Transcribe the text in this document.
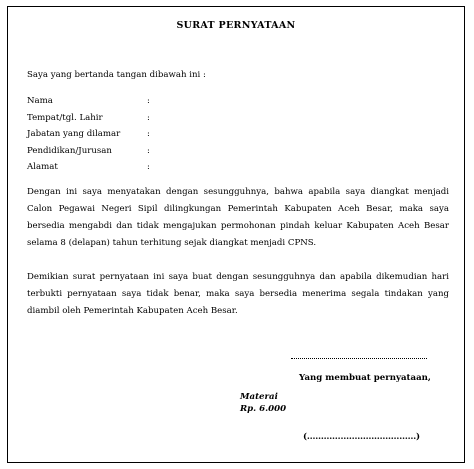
SURAT PERNYATAAN
Saya yang bertanda tangan dibawah ini :
Nama	:
Tempat/tgl. Lahir	:
Jabatan yang dilamar	:
Pendidikan/Jurusan	:
Alamat	:

Dengan ini saya menyatakan dengan sesungguhnya, bahwa apabila saya diangkat menjadi Calon Pegawai Negeri Sipil dilingkungan Pemerintah Kabupaten Aceh Besar, maka saya bersedia mengabdi dan tidak mengajukan permohonan pindah keluar Kabupaten Aceh Besar selama 8 (delapan) tahun terhitung sejak diangkat menjadi CPNS.

Demikian surat pernyataan ini saya buat dengan sesungguhnya dan apabila dikemudian hari terbukti pernyataan saya tidak benar, maka saya bersedia menerima segala tindakan yang diambil oleh Pemerintah Kabupaten Aceh Besar.

Yang membuat pernyataan,
Materai
Rp. 6.000
(…………………………………)
